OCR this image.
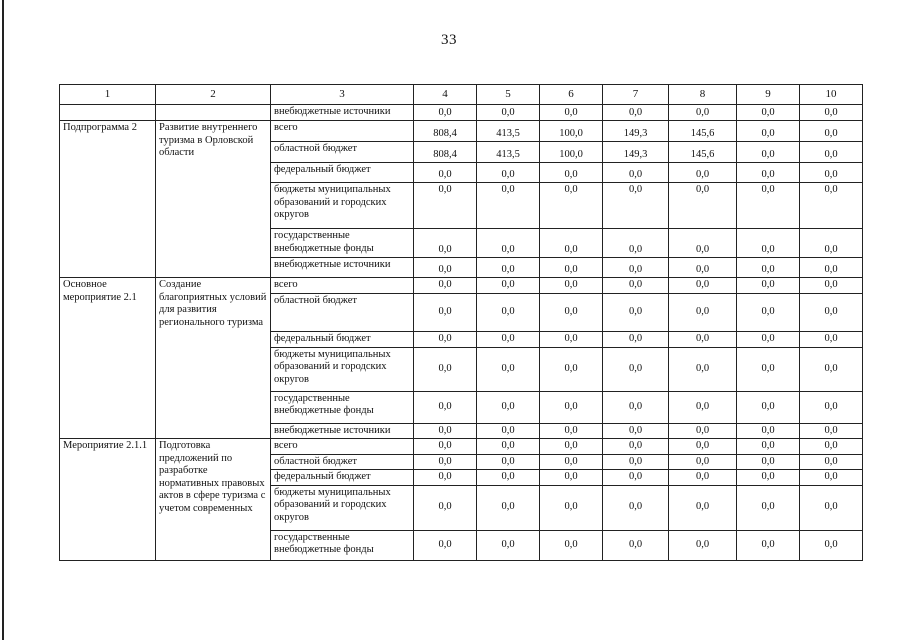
33
1	2	3	4	5	6	7	8	9	10
		внебюджетные источники	0,0	0,0	0,0	0,0	0,0	0,0	0,0
Подпрограмма 2	Развитие внутреннего туризма в Орловской области	всего	808,4	413,5	100,0	149,3	145,6	0,0	0,0
		областной бюджет	808,4	413,5	100,0	149,3	145,6	0,0	0,0
		федеральный бюджет	0,0	0,0	0,0	0,0	0,0	0,0	0,0
		бюджеты муниципальных образований и городских округов	0,0	0,0	0,0	0,0	0,0	0,0	0,0
		государственные внебюджетные фонды	0,0	0,0	0,0	0,0	0,0	0,0	0,0
		внебюджетные источники	0,0	0,0	0,0	0,0	0,0	0,0	0,0
Основное мероприятие 2.1	Создание благоприятных условий для развития регионального туризма	всего	0,0	0,0	0,0	0,0	0,0	0,0	0,0
		областной бюджет	0,0	0,0	0,0	0,0	0,0	0,0	0,0
		федеральный бюджет	0,0	0,0	0,0	0,0	0,0	0,0	0,0
		бюджеты муниципальных образований и городских округов	0,0	0,0	0,0	0,0	0,0	0,0	0,0
		государственные внебюджетные фонды	0,0	0,0	0,0	0,0	0,0	0,0	0,0
		внебюджетные источники	0,0	0,0	0,0	0,0	0,0	0,0	0,0
Мероприятие 2.1.1	Подготовка предложений по разработке нормативных правовых актов в сфере туризма с учетом современных	всего	0,0	0,0	0,0	0,0	0,0	0,0	0,0
		областной бюджет	0,0	0,0	0,0	0,0	0,0	0,0	0,0
		федеральный бюджет	0,0	0,0	0,0	0,0	0,0	0,0	0,0
		бюджеты муниципальных образований и городских округов	0,0	0,0	0,0	0,0	0,0	0,0	0,0
		государственные внебюджетные фонды	0,0	0,0	0,0	0,0	0,0	0,0	0,0
